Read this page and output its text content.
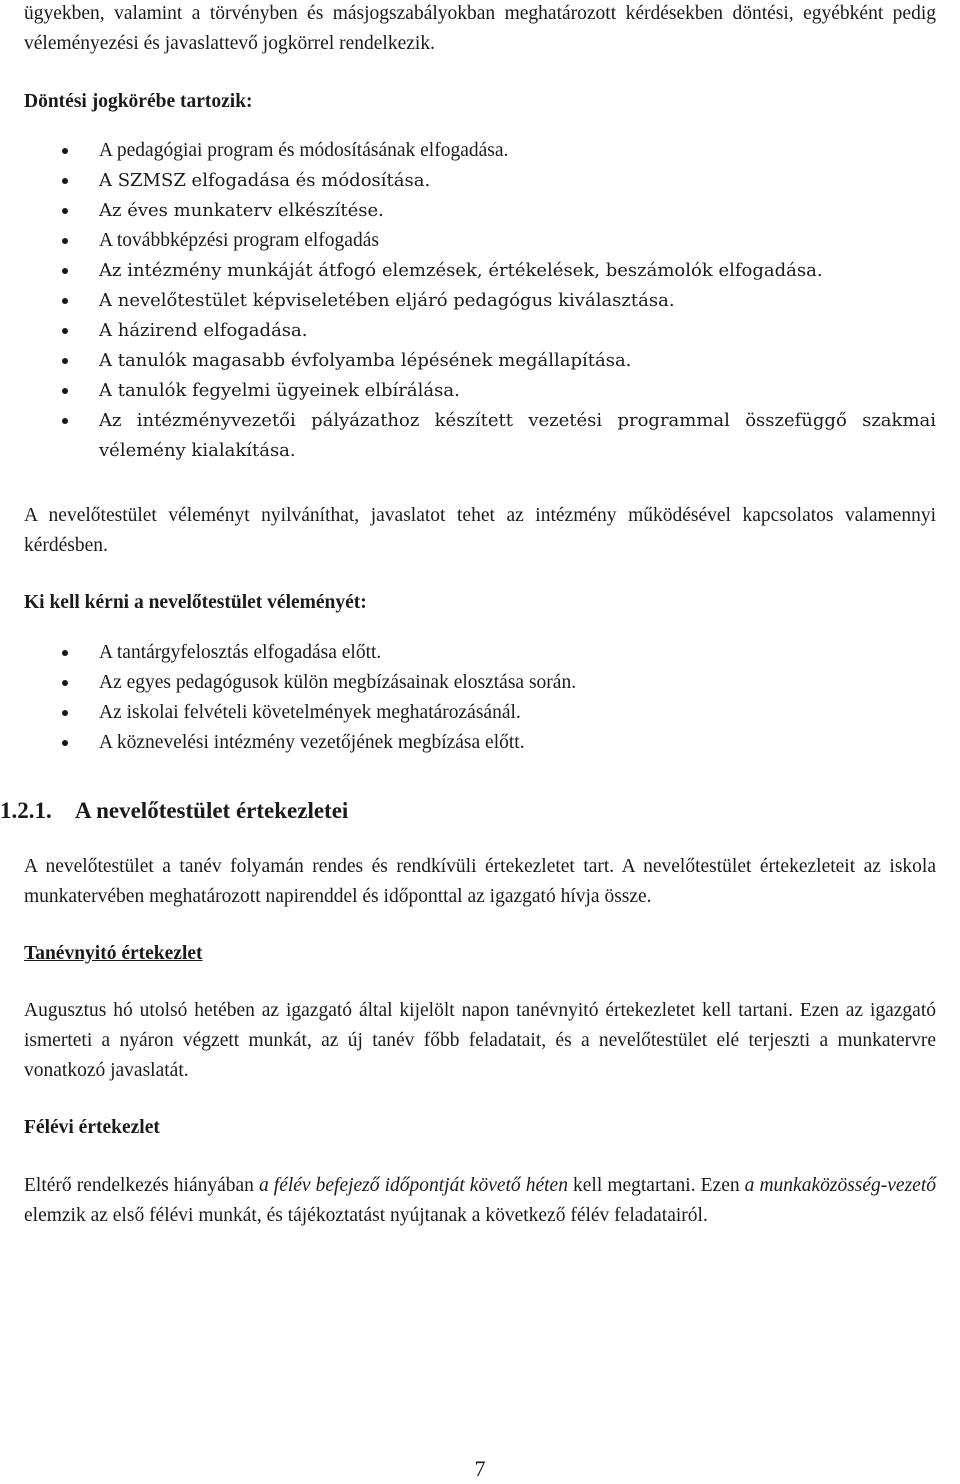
ügyekben, valamint a törvényben és másjogszabályokban meghatározott kérdésekben döntési, egyébként pedig véleményezési és javaslattevő jogkörrel rendelkezik.

Döntési jogkörébe tartozik:

A pedagógiai program és módosításának elfogadása.
A SZMSZ elfogadása és módosítása.
Az éves munkaterv elkészítése.
A továbbképzési program elfogadás
Az intézmény munkáját átfogó elemzések, értékelések, beszámolók elfogadása.
A nevelőtestület képviseletében eljáró pedagógus kiválasztása.
A házirend elfogadása.
A tanulók magasabb évfolyamba lépésének megállapítása.
A tanulók fegyelmi ügyeinek elbírálása.
Az intézményvezetői pályázathoz készített vezetési programmal összefüggő szakmai vélemény kialakítása.

A nevelőtestület véleményt nyilváníthat, javaslatot tehet az intézmény működésével kapcsolatos valamennyi kérdésben.

Ki kell kérni a nevelőtestület véleményét:

A tantárgyfelosztás elfogadása előtt.
Az egyes pedagógusok külön megbízásainak elosztása során.
Az iskolai felvételi követelmények meghatározásánál.
A köznevelési intézmény vezetőjének megbízása előtt.
1.2.1.	A nevelőtestület értekezletei

A nevelőtestület a tanév folyamán rendes és rendkívüli értekezletet tart. A nevelőtestület értekezleteit az iskola munkatervében meghatározott napirenddel és időponttal az igazgató hívja össze.

Tanévnyitó értekezlet

Augusztus hó utolsó hetében az igazgató által kijelölt napon tanévnyitó értekezletet kell tartani. Ezen az igazgató ismerteti a nyáron végzett munkát, az új tanév főbb feladatait, és a nevelőtestület elé terjeszti a munkatervre vonatkozó javaslatát.

Félévi értekezlet

Eltérő rendelkezés hiányában a félév befejező időpontját követő héten kell megtartani. Ezen a munkaközösség-vezető elemzik az első félévi munkát, és tájékoztatást nyújtanak a következő félév feladatairól.

7
